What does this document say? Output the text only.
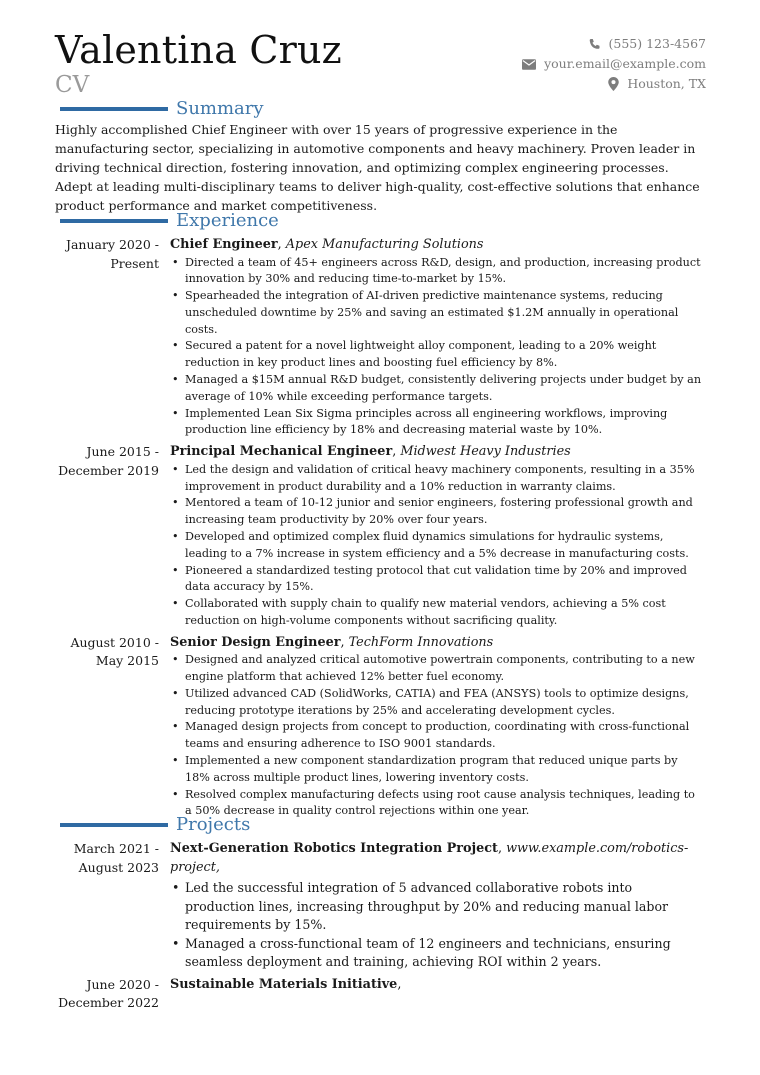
Valentina Cruz
CV
(555) 123-4567
your.email@example.com
Houston, TX
Summary

Highly accomplished Chief Engineer with over 15 years of progressive experience in the manufacturing sector, specializing in automotive components and heavy machinery. Proven leader in driving technical direction, fostering innovation, and optimizing complex engineering processes. Adept at leading multi-disciplinary teams to deliver high-quality, cost-effective solutions that enhance product performance and market competitiveness.

Experience
January 2020 -
Present
Chief Engineer, Apex Manufacturing Solutions
• Directed a team of 45+ engineers across R&D, design, and production, increasing product innovation by 30% and reducing time-to-market by 15%.
• Spearheaded the integration of AI-driven predictive maintenance systems, reducing unscheduled downtime by 25% and saving an estimated $1.2M annually in operational costs.
• Secured a patent for a novel lightweight alloy component, leading to a 20% weight reduction in key product lines and boosting fuel efficiency by 8%.
• Managed a $15M annual R&D budget, consistently delivering projects under budget by an average of 10% while exceeding performance targets.
• Implemented Lean Six Sigma principles across all engineering workflows, improving production line efficiency by 18% and decreasing material waste by 10%.
June 2015 -
December 2019
Principal Mechanical Engineer, Midwest Heavy Industries
• Led the design and validation of critical heavy machinery components, resulting in a 35% improvement in product durability and a 10% reduction in warranty claims.
• Mentored a team of 10-12 junior and senior engineers, fostering professional growth and increasing team productivity by 20% over four years.
• Developed and optimized complex fluid dynamics simulations for hydraulic systems, leading to a 7% increase in system efficiency and a 5% decrease in manufacturing costs.
• Pioneered a standardized testing protocol that cut validation time by 20% and improved data accuracy by 15%.
• Collaborated with supply chain to qualify new material vendors, achieving a 5% cost reduction on high-volume components without sacrificing quality.
August 2010 -
May 2015
Senior Design Engineer, TechForm Innovations
• Designed and analyzed critical automotive powertrain components, contributing to a new engine platform that achieved 12% better fuel economy.
• Utilized advanced CAD (SolidWorks, CATIA) and FEA (ANSYS) tools to optimize designs, reducing prototype iterations by 25% and accelerating development cycles.
• Managed design projects from concept to production, coordinating with cross-functional teams and ensuring adherence to ISO 9001 standards.
• Implemented a new component standardization program that reduced unique parts by 18% across multiple product lines, lowering inventory costs.
• Resolved complex manufacturing defects using root cause analysis techniques, leading to a 50% decrease in quality control rejections within one year.
Projects
March 2021 -
August 2023
Next-Generation Robotics Integration Project, www.example.com/robotics-
project,
• Led the successful integration of 5 advanced collaborative robots into production lines, increasing throughput by 20% and reducing manual labor requirements by 15%.
• Managed a cross-functional team of 12 engineers and technicians, ensuring seamless deployment and training, achieving ROI within 2 years.
June 2020 -
December 2022
Sustainable Materials Initiative,
